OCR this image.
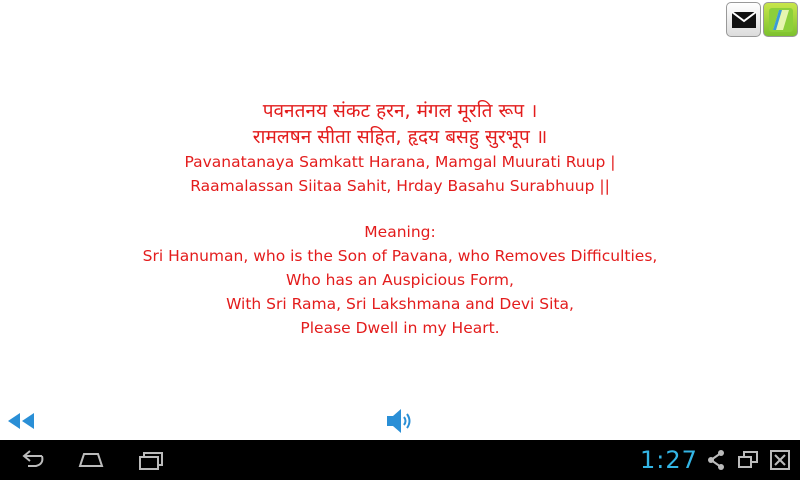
पवनतनय संकट हरन, मंगल मूरति रूप ।
रामलषन सीता सहित, हृदय बसहु सुरभूप ॥
Pavanatanaya Samkatt Harana, Mamgal Muurati Ruup |
Raamalassan Siitaa Sahit, Hrday Basahu Surabhuup ||
Meaning:
Sri Hanuman, who is the Son of Pavana, who Removes Difficulties,
Who has an Auspicious Form,
With Sri Rama, Sri Lakshmana and Devi Sita,
Please Dwell in my Heart.
1:27
